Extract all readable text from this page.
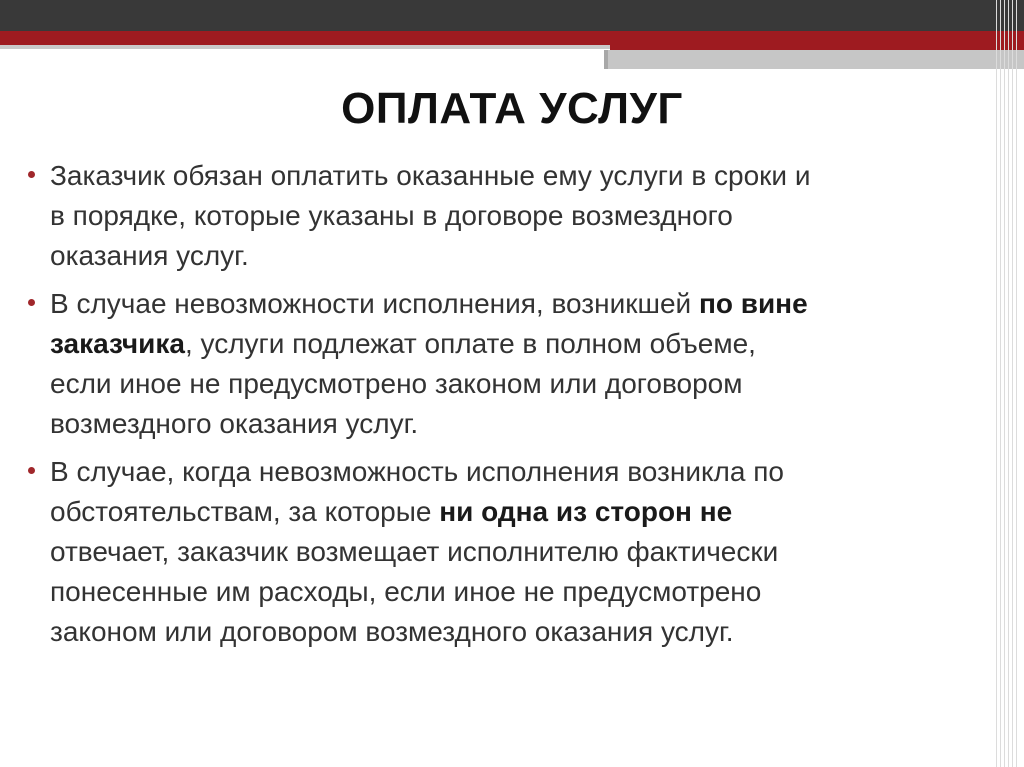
ОПЛАТА УСЛУГ
Заказчик обязан оплатить оказанные ему услуги в сроки и
в порядке, которые указаны в договоре возмездного
оказания услуг.
В случае невозможности исполнения, возникшей по вине
заказчика, услуги подлежат оплате в полном объеме,
если иное не предусмотрено законом или договором
возмездного оказания услуг.
В случае, когда невозможность исполнения возникла по
обстоятельствам, за которые ни одна из сторон не
отвечает, заказчик возмещает исполнителю фактически
понесенные им расходы, если иное не предусмотрено
законом или договором возмездного оказания услуг.
